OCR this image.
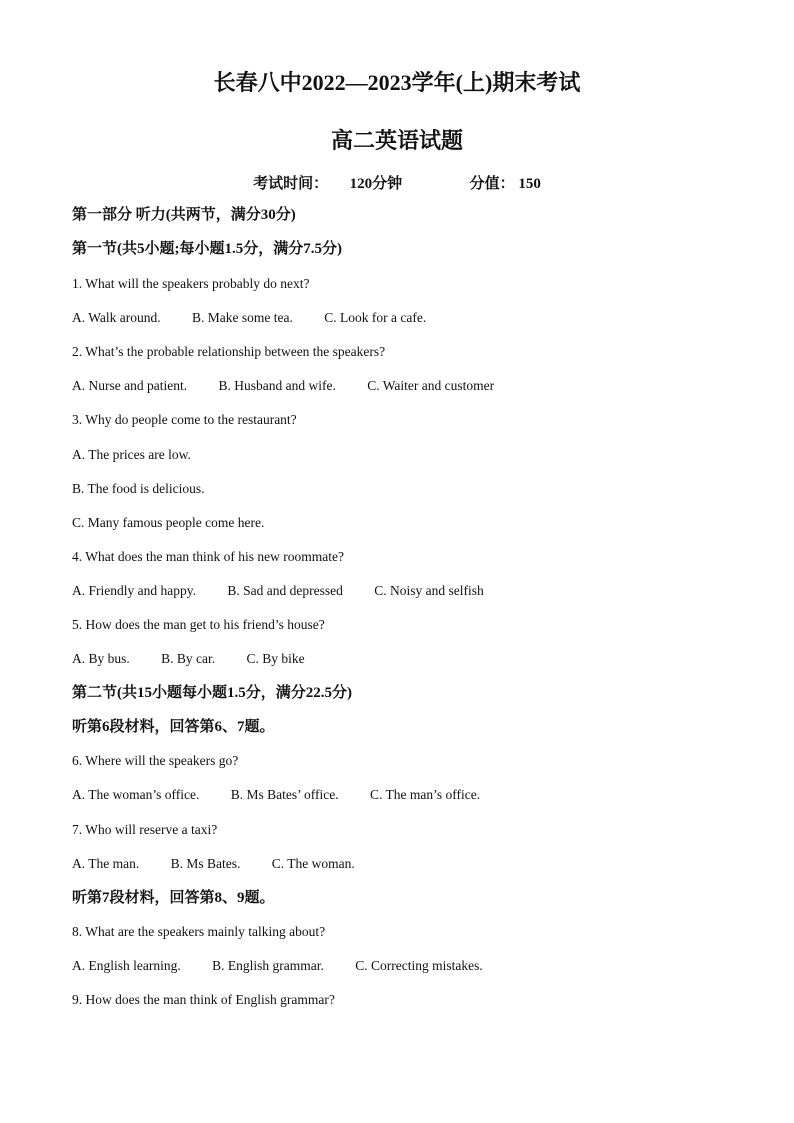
长春八中2022—2023学年(上)期末考试
高二英语试题
考试时间： 120分钟	分值： 150
第一部分 听力(共两节，满分30分)
第一节(共5小题;每小题1.5分，满分7.5分)
1. What will the speakers probably do next?
A. Walk around. B. Make some tea. C. Look for a cafe.
2. What’s the probable relationship between the speakers?
A. Nurse and patient. B. Husband and wife. C. Waiter and customer
3. Why do people come to the restaurant?
A. The prices are low.
B. The food is delicious.
C. Many famous people come here.
4. What does the man think of his new roommate?
A. Friendly and happy. B. Sad and depressed C. Noisy and selfish
5. How does the man get to his friend’s house?
A. By bus. B. By car. C. By bike
第二节(共15小题每小题1.5分，满分22.5分)
听第6段材料，回答第6、7题。
6. Where will the speakers go?
A. The woman’s office. B. Ms Bates’ office. C. The man’s office.
7. Who will reserve a taxi?
A. The man. B. Ms Bates. C. The woman.
听第7段材料，回答第8、9题。
8. What are the speakers mainly talking about?
A. English learning. B. English grammar. C. Correcting mistakes.
9. How does the man think of English grammar?
